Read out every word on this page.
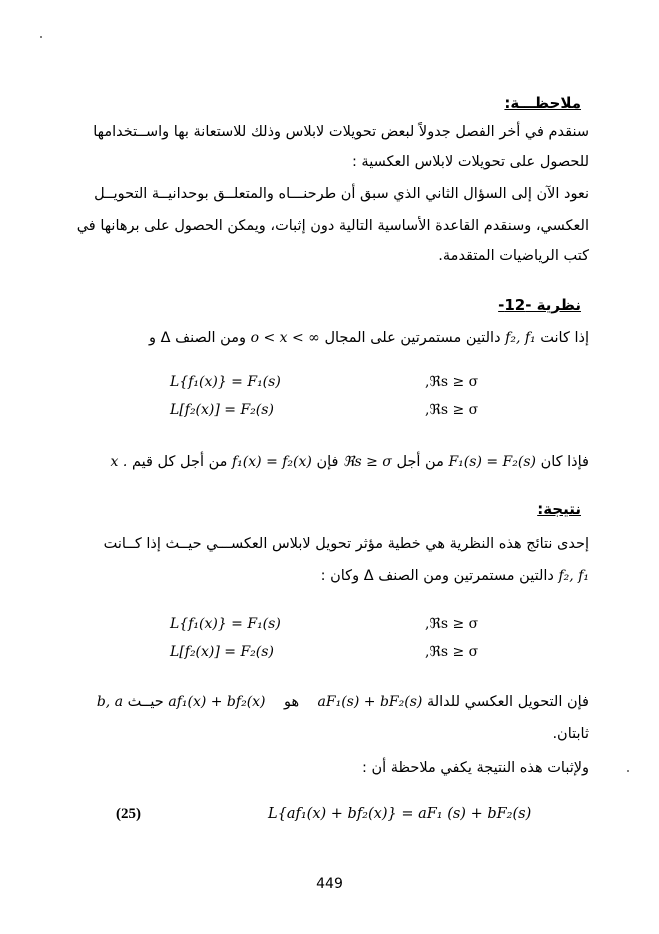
ملاحظـــة:
سنقدم في أخر الفصل جدولاً لبعض تحويلات لابلاس وذلك للاستعانة بها واســتخدامها
للحصول على تحويلات لابلاس العكسية :
نعود الآن إلى السؤال الثاني الذي سبق أن طرحنـــاه والمتعلــق بوحدانيــة التحويــل
العكسي، وسنقدم القاعدة الأساسية التالية دون إثبات، ويمكن الحصول على برهانها في
كتب الرياضيات المتقدمة.
نظرية -12-
إذا كانت f₂, f₁ دالتين مستمرتين على المجال o < x < ∞ ومن الصنف Δ و
L{f₁(x)} = F₁(s)	,ℜs ≥ σ
L[f₂(x)] = F₂(s)	,ℜs ≥ σ
فإذا كان F₁(s) = F₂(s) من أجل ℜs ≥ σ فإن f₁(x) = f₂(x) من أجل كل قيم x .
نتيجة:
إحدى نتائج هذه النظرية هي خطية مؤثر تحويل لابلاس العكســـي حيــث إذا كــانت
f₂, f₁ دالتين مستمرتين ومن الصنف Δ وكان :
L{f₁(x)} = F₁(s)	,ℜs ≥ σ
L[f₂(x)] = F₂(s)	,ℜs ≥ σ
فإن التحويل العكسي للدالة aF₁(s) + bF₂(s)    هو    af₁(x) + bf₂(x) حيــث b, a
ثابتان.
ولإثبات هذه النتيجة يكفي ملاحظة أن :
(25)	L{af₁(x) + bf₂(x)} = aF₁ (s) + bF₂(s)
449
